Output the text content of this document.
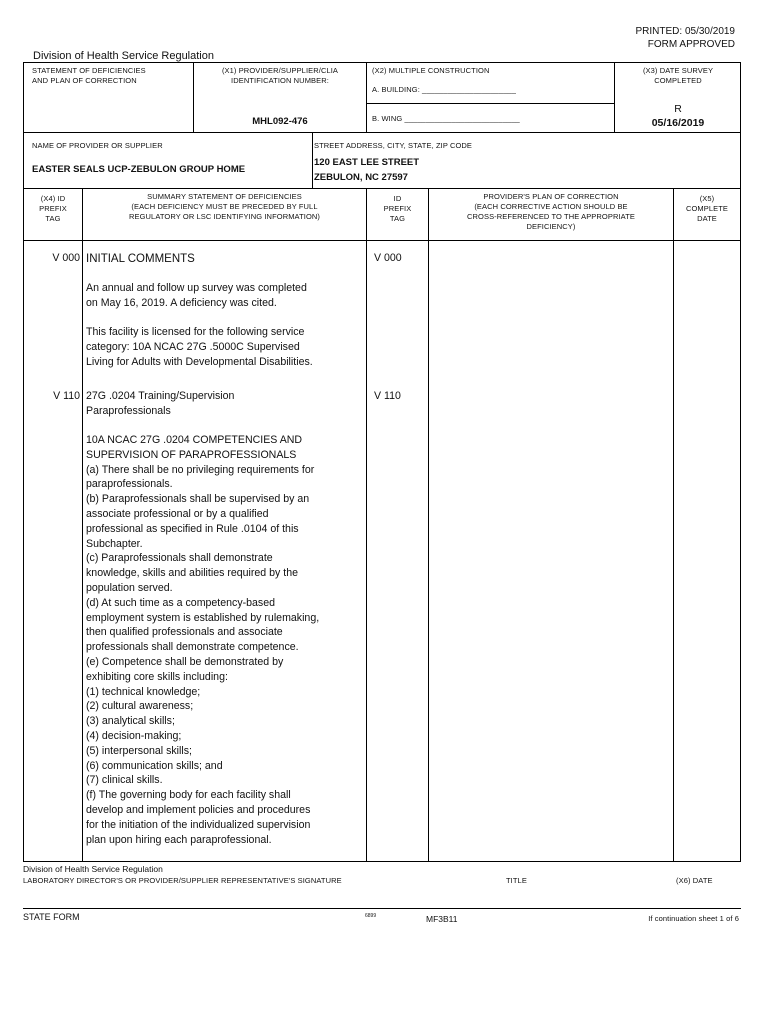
PRINTED: 05/30/2019
FORM APPROVED
Division of Health Service Regulation
STATEMENT OF DEFICIENCIES
AND PLAN OF CORRECTION
(X1) PROVIDER/SUPPLIER/CLIA
IDENTIFICATION NUMBER:
MHL092-476
(X2) MULTIPLE CONSTRUCTION
A. BUILDING: ______________________
B. WING ___________________________
(X3) DATE SURVEY
COMPLETED
R
05/16/2019
NAME OF PROVIDER OR SUPPLIER
EASTER SEALS UCP-ZEBULON GROUP HOME
STREET ADDRESS, CITY, STATE, ZIP CODE
120 EAST LEE STREET
ZEBULON, NC 27597
(X4) ID
PREFIX
TAG
SUMMARY STATEMENT OF DEFICIENCIES
(EACH DEFICIENCY MUST BE PRECEDED BY FULL
REGULATORY OR LSC IDENTIFYING INFORMATION)
ID
PREFIX
TAG
PROVIDER'S PLAN OF CORRECTION
(EACH CORRECTIVE ACTION SHOULD BE
CROSS-REFERENCED TO THE APPROPRIATE
DEFICIENCY)
(X5)
COMPLETE
DATE
V 000	V 000
INITIAL COMMENTS
An annual and follow up survey was completed
on May 16, 2019. A deficiency was cited.

This facility is licensed for the following service
category: 10A NCAC 27G .5000C Supervised
Living for Adults with Developmental Disabilities.
V 110	V 110
27G .0204 Training/Supervision
Paraprofessionals
10A NCAC 27G .0204 COMPETENCIES AND
SUPERVISION OF PARAPROFESSIONALS
(a) There shall be no privileging requirements for
paraprofessionals.
(b) Paraprofessionals shall be supervised by an
associate professional or by a qualified
professional as specified in Rule .0104 of this
Subchapter.
(c) Paraprofessionals shall demonstrate
knowledge, skills and abilities required by the
population served.
(d) At such time as a competency-based
employment system is established by rulemaking,
then qualified professionals and associate
professionals shall demonstrate competence.
(e) Competence shall be demonstrated by
exhibiting core skills including:
(1) technical knowledge;
(2) cultural awareness;
(3) analytical skills;
(4) decision-making;
(5) interpersonal skills;
(6) communication skills; and
(7) clinical skills.
(f) The governing body for each facility shall
develop and implement policies and procedures
for the initiation of the individualized supervision
plan upon hiring each paraprofessional.
Division of Health Service Regulation
LABORATORY DIRECTOR'S OR PROVIDER/SUPPLIER REPRESENTATIVE'S SIGNATURE	TITLE	(X6) DATE
STATE FORM	6899	MF3B11	If continuation sheet 1 of 6
